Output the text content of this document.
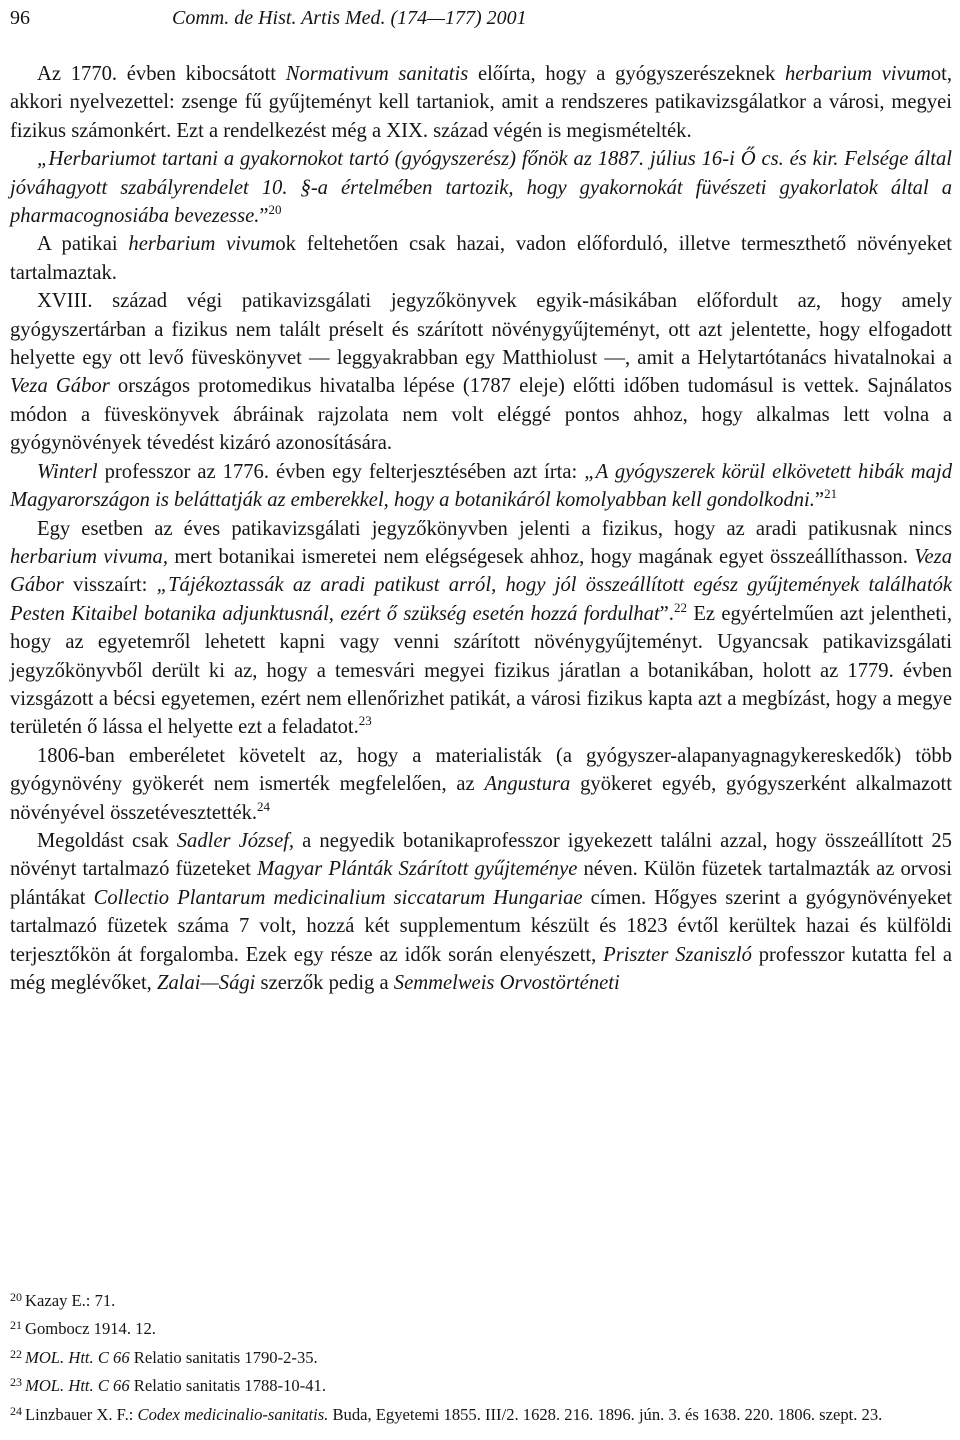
96	Comm. de Hist. Artis Med. (174—177) 2001

Az 1770. évben kibocsátott Normativum sanitatis előírta, hogy a gyógyszerészeknek herbarium vivumot, akkori nyelvezettel: zsenge fű gyűjteményt kell tartaniok, amit a rendszeres patikavizsgálatkor a városi, megyei fizikus számonkért. Ezt a rendelkezést még a XIX. század végén is megismételték.

„Herbariumot tartani a gyakornokot tartó (gyógyszerész) főnök az 1887. július 16-i Ő cs. és kir. Felsége által jóváhagyott szabályrendelet 10. §-a értelmében tartozik, hogy gyakornokát füvészeti gyakorlatok által a pharmacognosiába bevezesse.”$^{20}$

A patikai herbarium vivumok feltehetően csak hazai, vadon előforduló, illetve termeszthető növényeket tartalmaztak.

XVIII. század végi patikavizsgálati jegyzőkönyvek egyik-másikában előfordult az, hogy amely gyógyszertárban a fizikus nem talált préselt és szárított növénygyűjteményt, ott azt jelentette, hogy elfogadott helyette egy ott levő füveskönyvet — leggyakrabban egy Matthiolust —, amit a Helytartótanács hivatalnokai a Veza Gábor országos protomedikus hivatalba lépése (1787 eleje) előtti időben tudomásul is vettek. Sajnálatos módon a füveskönyvek ábráinak rajzolata nem volt eléggé pontos ahhoz, hogy alkalmas lett volna a gyógynövények tévedést kizáró azonosítására.

Winterl professzor az 1776. évben egy felterjesztésében azt írta: „A gyógyszerek körül elkövetett hibák majd Magyarországon is beláttatják az emberekkel, hogy a botanikáról komolyabban kell gondolkodni.”$^{21}$

Egy esetben az éves patikavizsgálati jegyzőkönyvben jelenti a fizikus, hogy az aradi patikusnak nincs herbarium vivuma, mert botanikai ismeretei nem elégségesek ahhoz, hogy magának egyet összeállíthasson. Veza Gábor visszaírt: „Tájékoztassák az aradi patikust arról, hogy jól összeállított egész gyűjtemények találhatók Pesten Kitaibel botanika adjunktusnál, ezért ő szükség esetén hozzá fordulhat”.$^{22}$ Ez egyértelműen azt jelentheti, hogy az egyetemről lehetett kapni vagy venni szárított növénygyűjteményt. Ugyancsak patikavizsgálati jegyzőkönyvből derült ki az, hogy a temesvári megyei fizikus járatlan a botanikában, holott az 1779. évben vizsgázott a bécsi egyetemen, ezért nem ellenőrizhet patikát, a városi fizikus kapta azt a megbízást, hogy a megye területén ő lássa el helyette ezt a feladatot.$^{23}$

1806-ban emberéletet követelt az, hogy a materialisták (a gyógyszer-alapanyagnagykereskedők) több gyógynövény gyökerét nem ismerték megfelelően, az Angustura gyökeret egyéb, gyógyszerként alkalmazott növényével összetévesztették.$^{24}$

Megoldást csak Sadler József, a negyedik botanikaprofesszor igyekezett találni azzal, hogy összeállított 25 növényt tartalmazó füzeteket Magyar Plánták Szárított gyűjteménye néven. Külön füzetek tartalmazták az orvosi plántákat Collectio Plantarum medicinalium siccatarum Hungariae címen. Hőgyes szerint a gyógynövényeket tartalmazó füzetek száma 7 volt, hozzá két supplementum készült és 1823 évtől kerültek hazai és külföldi terjesztőkön át forgalomba. Ezek egy része az idők során elenyészett, Priszter Szaniszló professzor kutatta fel a még meglévőket, Zalai—Sági szerzők pedig a Semmelweis Orvostörténeti

$^{20}$ Kazay E.: 71.

$^{21}$ Gombocz 1914. 12.

$^{22}$ MOL. Htt. C 66 Relatio sanitatis 1790-2-35.

$^{23}$ MOL. Htt. C 66 Relatio sanitatis 1788-10-41.

$^{24}$ Linzbauer X. F.: Codex medicinalio-sanitatis. Buda, Egyetemi 1855. III/2. 1628. 216. 1896. jún. 3. és 1638. 220. 1806. szept. 23.
